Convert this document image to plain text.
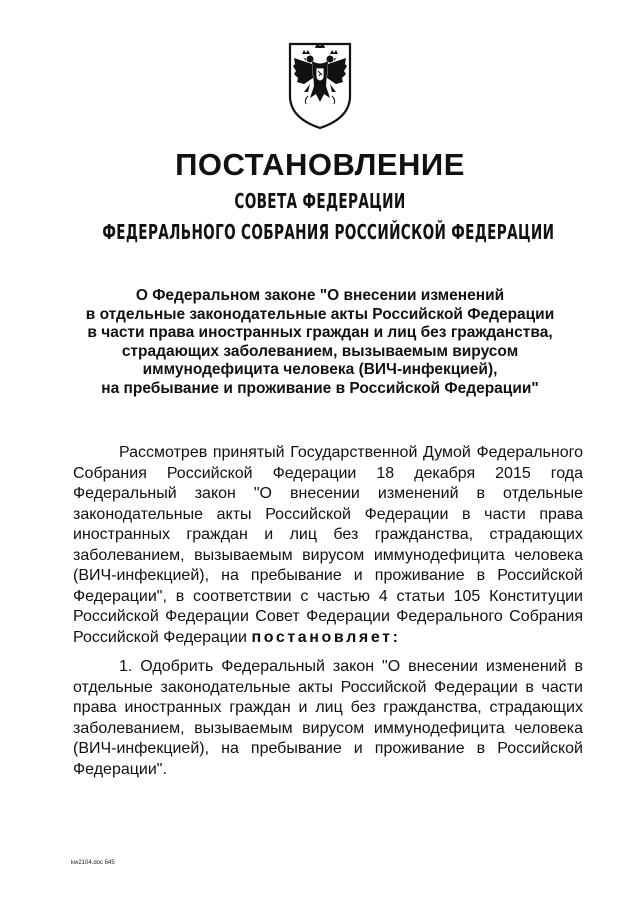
ПОСТАНОВЛЕНИЕ
СОВЕТА ФЕДЕРАЦИИ
ФЕДЕРАЛЬНОГО СОБРАНИЯ РОССИЙСКОЙ ФЕДЕРАЦИИ
О Федеральном законе "О внесении изменений
в отдельные законодательные акты Российской Федерации
в части права иностранных граждан и лиц без гражданства,
страдающих заболеванием, вызываемым вирусом
иммунодефицита человека (ВИЧ-инфекцией),
на пребывание и проживание в Российской Федерации"
Рассмотрев принятый Государственной Думой Федерального
Собрания Российской Федерации 18 декабря 2015 года
Федеральный закон "О внесении изменений в отдельные
законодательные акты Российской Федерации в части права
иностранных граждан и лиц без гражданства, страдающих
заболеванием, вызываемым вирусом иммунодефицита человека
(ВИЧ-инфекцией), на пребывание и проживание в Российской
Федерации", в соответствии с частью 4 статьи 105 Конституции
Российской Федерации Совет Федерации Федерального Собрания
Российской Федерации постановляет:
1. Одобрить Федеральный закон "О внесении изменений в
отдельные законодательные акты Российской Федерации в части
права иностранных граждан и лиц без гражданства, страдающих
заболеванием, вызываемым вирусом иммунодефицита человека
(ВИЧ-инфекцией), на пребывание и проживание в Российской
Федерации".
kw2104.doc 645
